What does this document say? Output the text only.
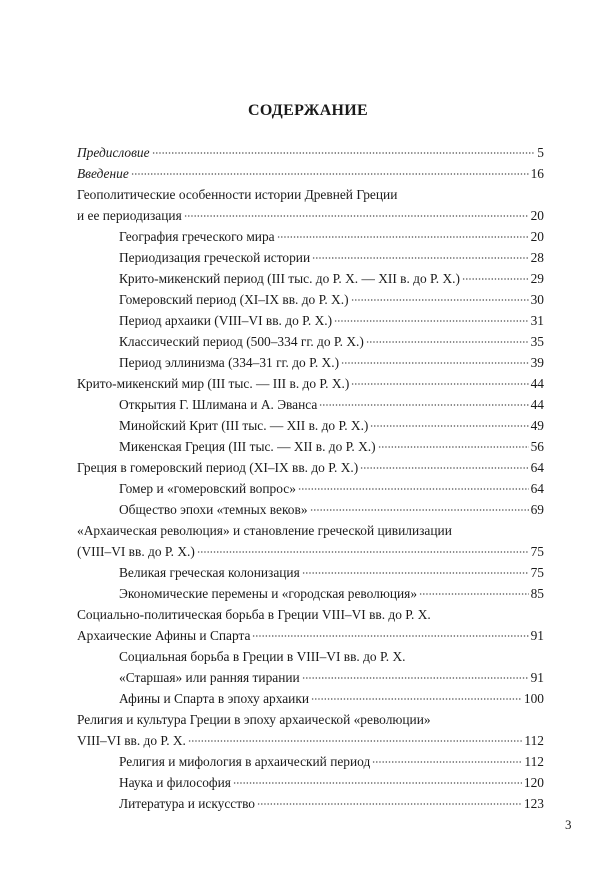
СОДЕРЖАНИЕ
Предисловие	5
Введение	16
Геополитические особенности истории Древней Греции
и ее периодизация	20
География греческого мира	20
Периодизация греческой истории	28
Крито-микенский период (III тыс. до Р. Х. — XII в. до Р. Х.)	29
Гомеровский период (XI–IX вв. до Р. Х.)	30
Период архаики (VIII–VI вв. до Р. Х.)	31
Классический период (500–334 гг. до Р. Х.)	35
Период эллинизма (334–31 гг. до Р. Х.)	39
Крито-микенский мир (III тыс. — III в. до Р. Х.)	44
Открытия Г. Шлимана и А. Эванса	44
Минойский Крит (III тыс. — XII в. до Р. Х.)	49
Микенская Греция (III тыс. — XII в. до Р. Х.)	56
Греция в гомеровский период (XI–IX вв. до Р. Х.)	64
Гомер и «гомеровский вопрос»	64
Общество эпохи «темных веков»	69
«Архаическая революция» и становление греческой цивилизации
(VIII–VI вв. до Р. Х.)	75
Великая греческая колонизация	75
Экономические перемены и «городская революция»	85
Социально-политическая борьба в Греции VIII–VI вв. до Р. Х.
Архаические Афины и Спарта	91
Социальная борьба в Греции в VIII–VI вв. до Р. Х.
«Старшая» или ранняя тирании	91
Афины и Спарта в эпоху архаики	100
Религия и культура Греции в эпоху архаической «революции»
VIII–VI вв. до Р. Х.	112
Религия и мифология в архаический период	112
Наука и философия	120
Литература и искусство	123
3
